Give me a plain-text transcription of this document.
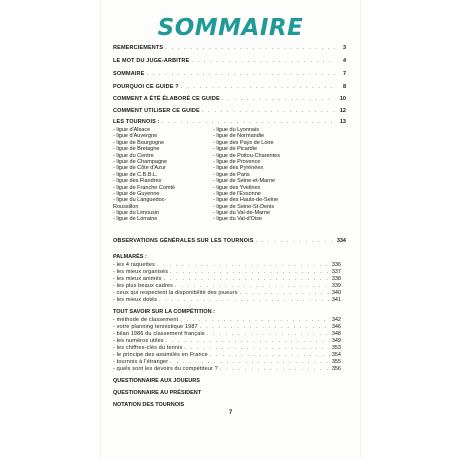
SOMMAIRE
REMERCIEMENTS . . .	3
LE MOT DU JUGE-ARBITRE . . .	4
SOMMAIRE . . .	7
POURQUOI CE GUIDE ? . . .	8
COMMENT A ÉTÉ ÉLABORÉ CE GUIDE . . .	10
COMMENT UTILISER CE GUIDE . . .	12
LES TOURNOIS : . . .	13
- ligue d'Alsace
- ligue d'Auvergne
- ligue de Bourgogne
- ligue de Bretagne
- ligue du Centre
- ligue de Champagne
- ligue de Côte d'Azur
- ligue de C.B.B.L.
- ligue des Flandres
- ligue de Franche Comté
- ligue de Guyenne
- ligue du Languedoc-
Roussillon
- ligue du Limousin
- ligue de Lorraine
- ligue du Lyonnais
- ligue de Normandie
- ligue des Pays de Loire
- ligue de Picardie
- ligue de Poitou-Charentes
- ligue de Provence
- ligue des Pyrénées
- ligue de Paris
- ligue de Seine-et-Marne
- ligue des Yvelines
- ligue de l'Essonne
- ligue des Hauts-de-Seine
- ligue de Seine-St-Denis
- ligue du Val-de-Marne
- ligue du Val-d'Oise
OBSERVATIONS GÉNÉRALES SUR LES TOURNOIS . . .	334
PALMARÈS :
- les 4 raquettes . . .	336
- les mieux organisés . . .	337
- les mieux animés . . .	338
- les plus beaux cadres . . .	339
- ceux qui respectent la disponibilité des joueurs . . .	340
- les mieux dotés . . .	341
TOUT SAVOIR SUR LA COMPÉTITION :
- méthode de classement . . .	342
- votre planning tennistique 1987 . . .	346
- bilan 1986 du classement français . . .	348
- les numéros utiles . . .	349
- les chiffres-clés du tennis . . .	353
- le principe des assimilés en France . . .	354
- tournois à l'étranger . . .	355
- quels sont les devoirs du compétiteur ? . . .	356
QUESTIONNAIRE AUX JOUEURS
QUESTIONNAIRE AU PRÉSIDENT
NOTATION DES TOURNOIS
7
